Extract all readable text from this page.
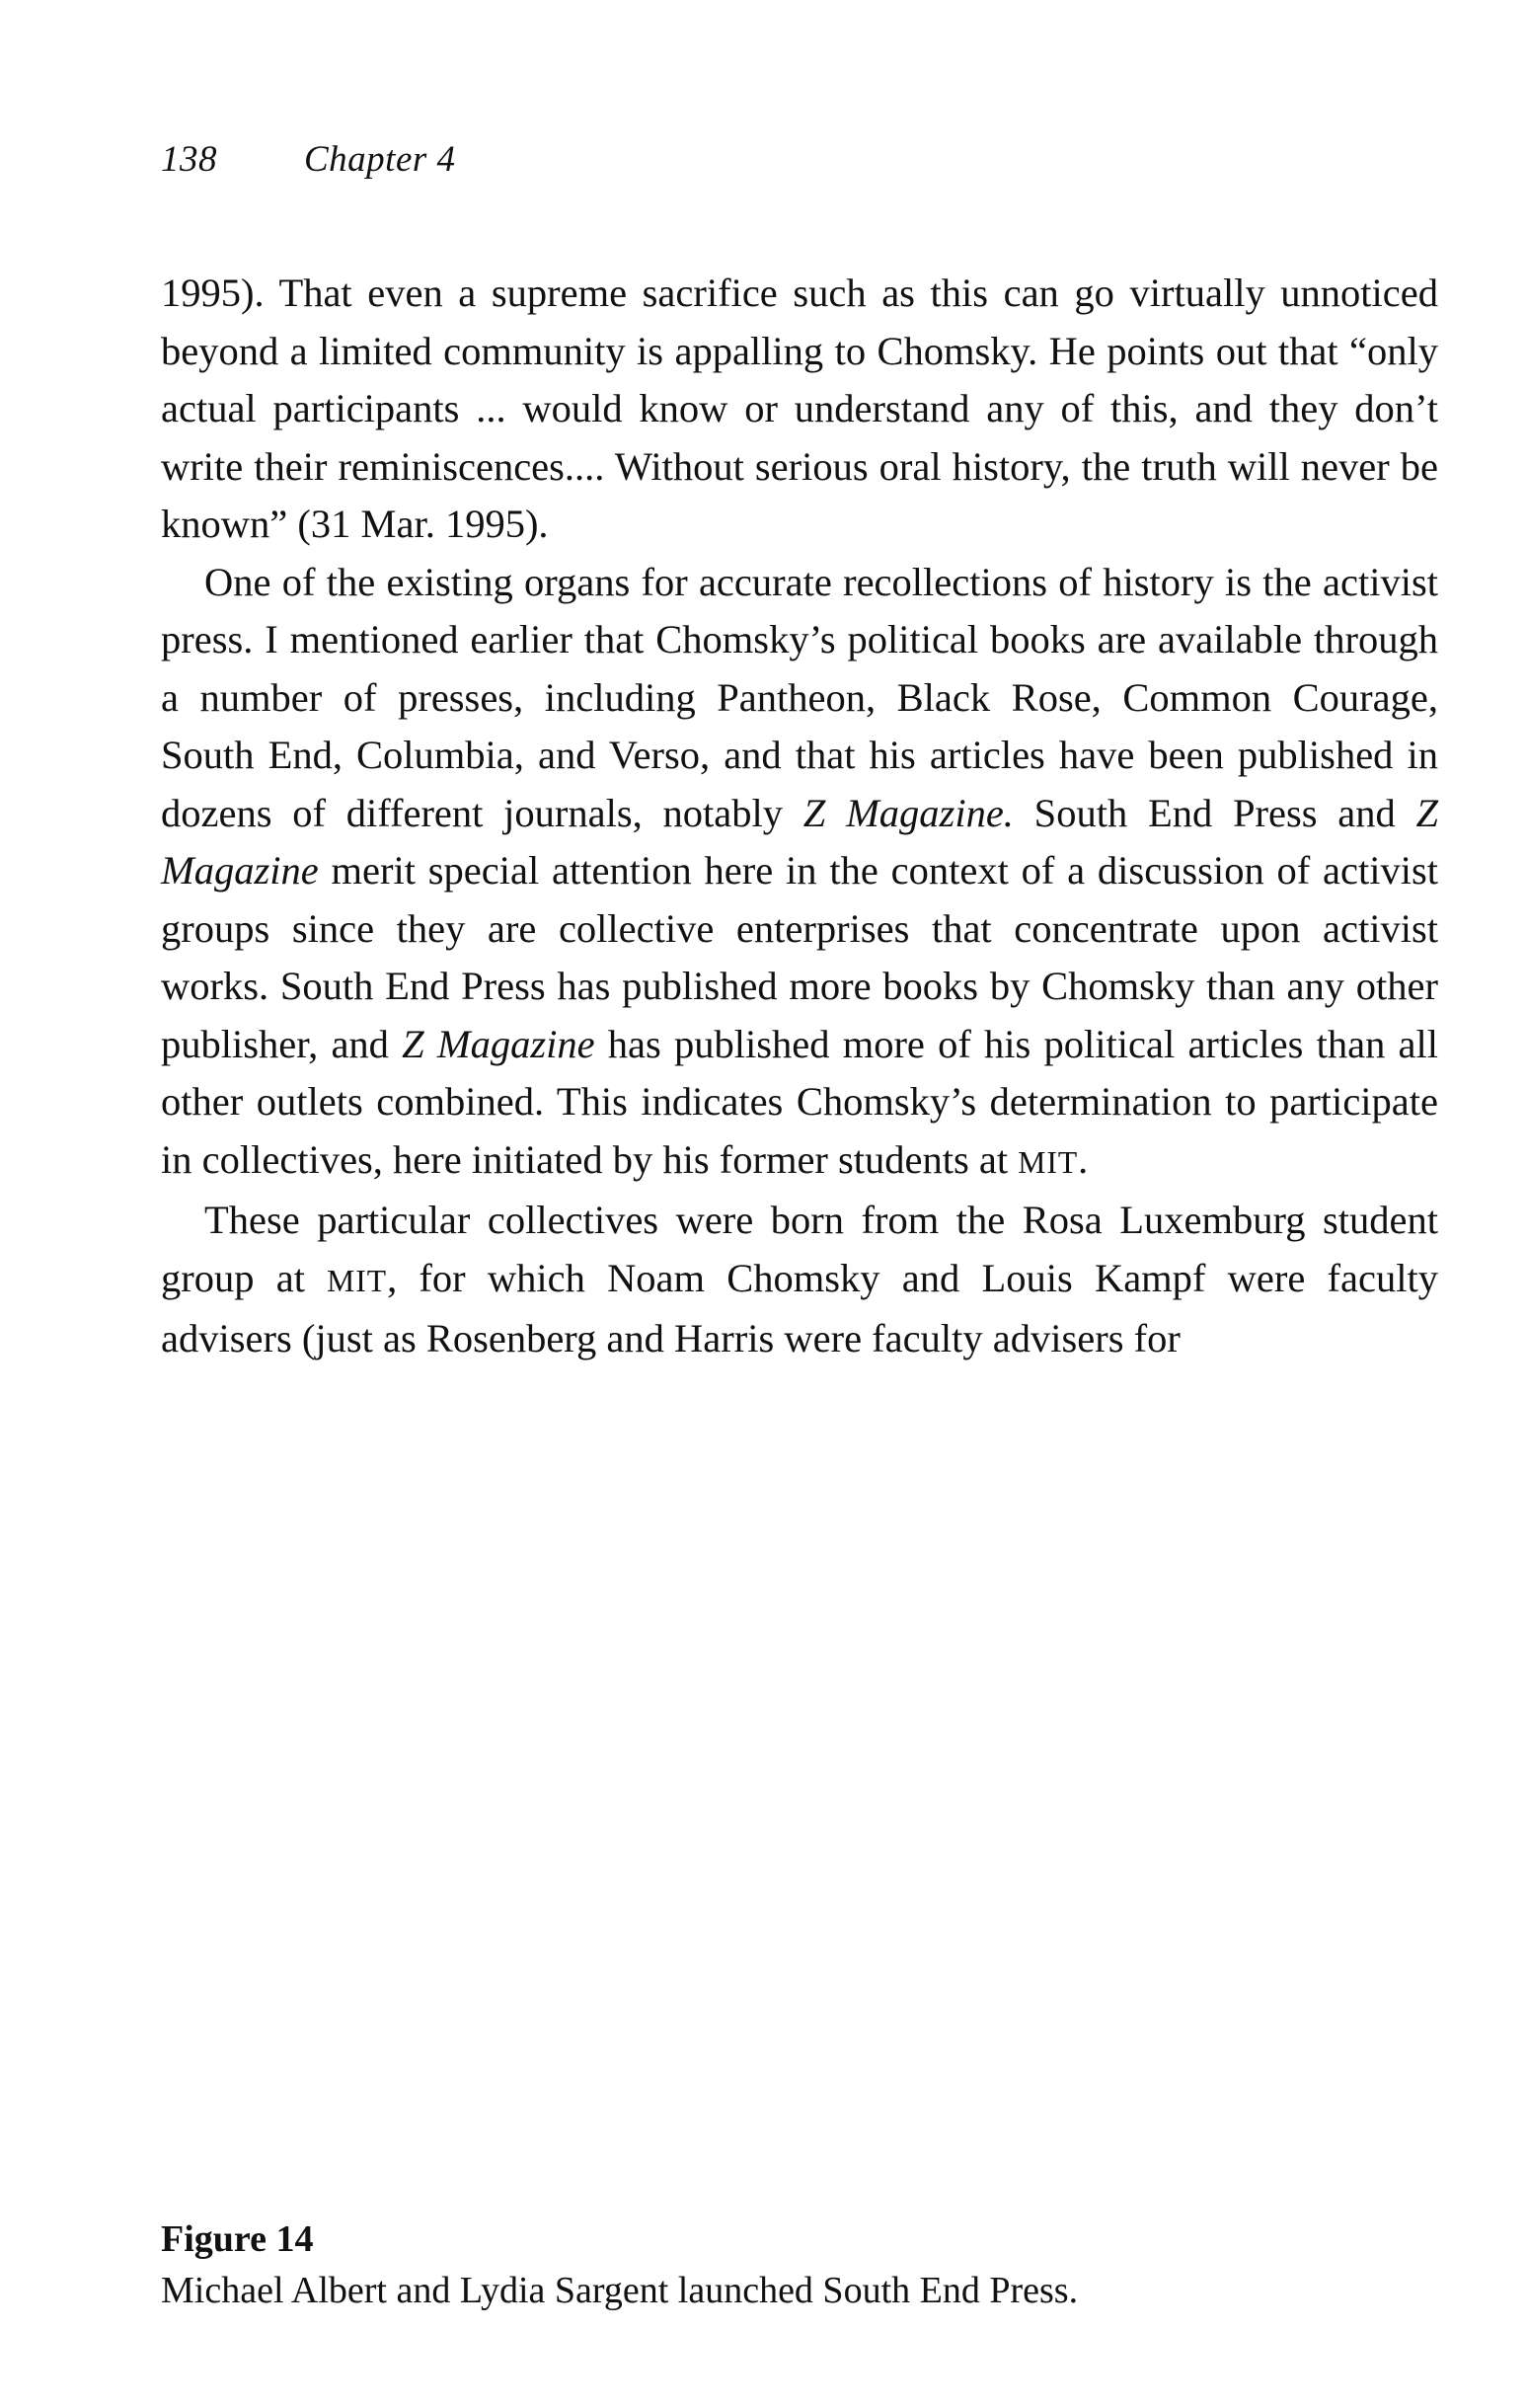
138 Chapter 4

1995). That even a supreme sacrifice such as this can go virtually unnoticed beyond a limited community is appalling to Chomsky. He points out that “only actual participants ... would know or understand any of this, and they don’t write their reminiscences.... Without serious oral history, the truth will never be known” (31 Mar. 1995).

One of the existing organs for accurate recollections of history is the activist press. I mentioned earlier that Chomsky’s political books are available through a number of presses, including Pantheon, Black Rose, Common Courage, South End, Columbia, and Verso, and that his articles have been published in dozens of different journals, notably Z Magazine. South End Press and Z Magazine merit special attention here in the context of a discussion of activist groups since they are collective enterprises that concentrate upon activist works. South End Press has published more books by Chomsky than any other publisher, and Z Magazine has published more of his political articles than all other outlets combined. This indicates Chomsky’s determination to participate in collectives, here initiated by his former students at MIT.

These particular collectives were born from the Rosa Luxemburg student group at MIT, for which Noam Chomsky and Louis Kampf were faculty advisers (just as Rosenberg and Harris were faculty advisers for

Figure 14
Michael Albert and Lydia Sargent launched South End Press.
